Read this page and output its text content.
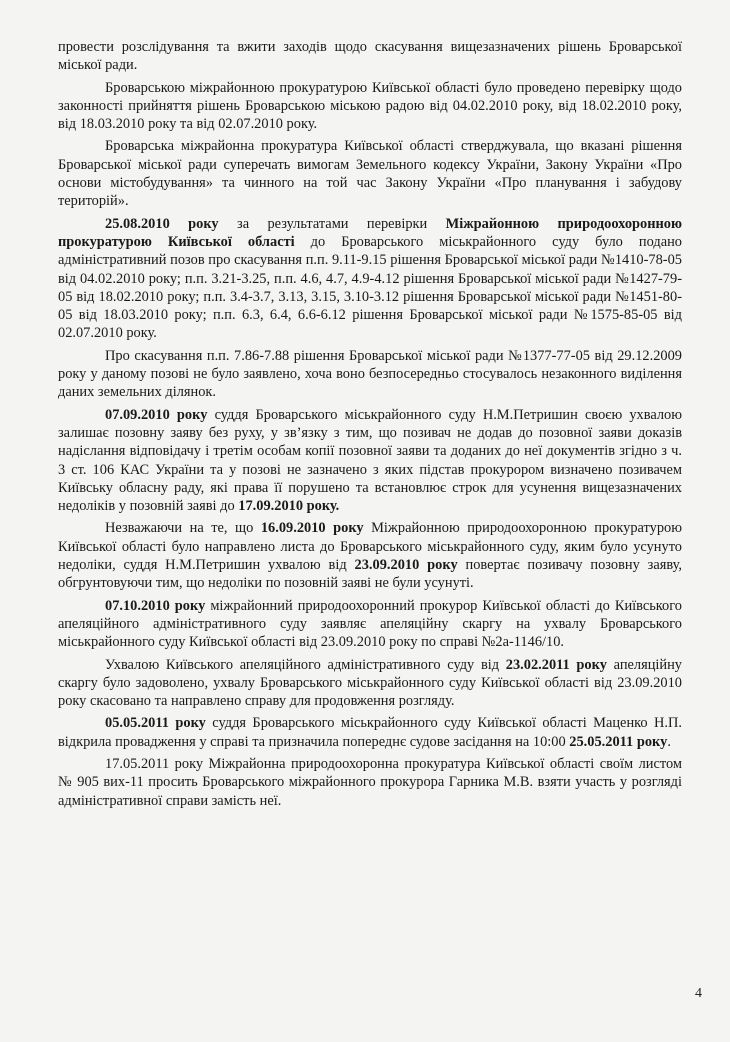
провести розслідування та вжити заходів щодо скасування вищезазначених рішень Броварської міської ради.

Броварською міжрайонною прокуратурою Київської області було проведено перевірку щодо законності прийняття рішень Броварською міською радою від 04.02.2010 року, від 18.02.2010 року, від 18.03.2010 року та від 02.07.2010 року.

Броварська міжрайонна прокуратура Київської області стверджувала, що вказані рішення Броварської міської ради суперечать вимогам Земельного кодексу України, Закону України «Про основи містобудування» та чинного на той час Закону України «Про планування і забудову територій».

25.08.2010 року за результатами перевірки Міжрайонною природоохоронною прокуратурою Київської області до Броварського міськрайонного суду було подано адміністративний позов про скасування п.п. 9.11-9.15 рішення Броварської міської ради №1410-78-05 від 04.02.2010 року; п.п. 3.21-3.25, п.п. 4.6, 4.7, 4.9-4.12 рішення Броварської міської ради №1427-79-05 від 18.02.2010 року; п.п. 3.4-3.7, 3.13, 3.15, 3.10-3.12 рішення Броварської міської ради №1451-80-05 від 18.03.2010 року; п.п. 6.3, 6.4, 6.6-6.12 рішення Броварської міської ради №1575-85-05 від 02.07.2010 року.

Про скасування п.п. 7.86-7.88 рішення Броварської міської ради №1377-77-05 від 29.12.2009 року у даному позові не було заявлено, хоча воно безпосередньо стосувалось незаконного виділення даних земельних ділянок.

07.09.2010 року суддя Броварського міськрайонного суду Н.М.Петришин своєю ухвалою залишає позовну заяву без руху, у зв’язку з тим, що позивач не додав до позовної заяви доказів надіслання відповідачу і третім особам копії позовної заяви та доданих до неї документів згідно з ч. 3 ст. 106 КАС України та у позові не зазначено з яких підстав прокурором визначено позивачем Київську обласну раду, які права її порушено та встановлює строк для усунення вищезазначених недоліків у позовній заяві до 17.09.2010 року.

Незважаючи на те, що 16.09.2010 року Міжрайонною природоохоронною прокуратурою Київської області було направлено листа до Броварського міськрайонного суду, яким було усунуто недоліки, суддя Н.М.Петришин ухвалою від 23.09.2010 року повертає позивачу позовну заяву, обгрунтовуючи тим, що недоліки по позовній заяві не були усунуті.

07.10.2010 року міжрайонний природоохоронний прокурор Київської області до Київського апеляційного адміністративного суду заявляє апеляційну скаргу на ухвалу Броварського міськрайонного суду Київської області від 23.09.2010 року по справі №2а-1146/10.

Ухвалою Київського апеляційного адміністративного суду від 23.02.2011 року апеляційну скаргу було задоволено, ухвалу Броварського міськрайонного суду Київської області від 23.09.2010 року скасовано та направлено справу для продовження розгляду.

05.05.2011 року суддя Броварського міськрайонного суду Київської області Маценко Н.П. відкрила провадження у справі та призначила попереднє судове засідання на 10:00 25.05.2011 року.

17.05.2011 року Міжрайонна природоохоронна прокуратура Київської області своїм листом № 905 вих-11 просить Броварського міжрайонного прокурора Гарника М.В. взяти участь у розгляді адміністративної справи замість неї.

4
